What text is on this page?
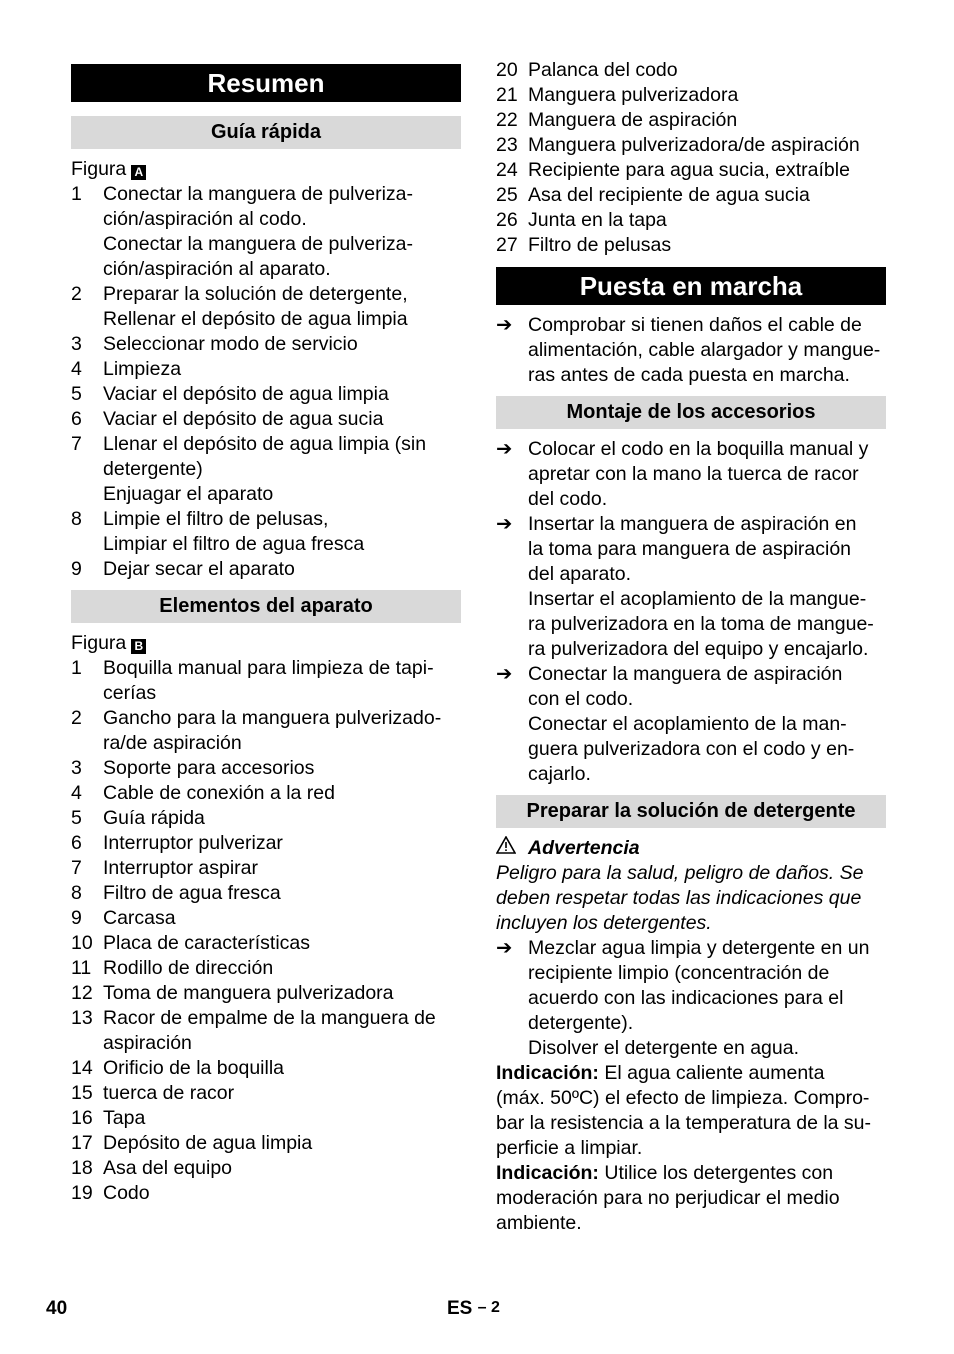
Resumen
Guía rápida
Figura A
1	Conectar la manguera de pulveriza-
ción/aspiración al codo.
Conectar la manguera de pulveriza-
ción/aspiración al aparato.
2	Preparar la solución de detergente,
Rellenar el depósito de agua limpia
3	Seleccionar modo de servicio
4	Limpieza
5	Vaciar el depósito de agua limpia
6	Vaciar el depósito de agua sucia
7	Llenar el depósito de agua limpia (sin
detergente)
Enjuagar el aparato
8	Limpie el filtro de pelusas,
Limpiar el filtro de agua fresca
9	Dejar secar el aparato
Elementos del aparato
Figura B
1	Boquilla manual para limpieza de tapi-
cerías
2	Gancho para la manguera pulverizado-
ra/de aspiración
3	Soporte para accesorios
4	Cable de conexión a la red
5	Guía rápida
6	Interruptor pulverizar
7	Interruptor aspirar
8	Filtro de agua fresca
9	Carcasa
10 Placa de características
11 Rodillo de dirección
12 Toma de manguera pulverizadora
13 Racor de empalme de la manguera de
aspiración
14 Orificio de la boquilla
15 tuerca de racor
16 Tapa
17 Depósito de agua limpia
18 Asa del equipo
19 Codo
20 Palanca del codo
21 Manguera pulverizadora
22 Manguera de aspiración
23 Manguera pulverizadora/de aspiración
24 Recipiente para agua sucia, extraíble
25 Asa del recipiente de agua sucia
26 Junta en la tapa
27 Filtro de pelusas
Puesta en marcha
➔ Comprobar si tienen daños el cable de
alimentación, cable alargador y mangue-
ras antes de cada puesta en marcha.
Montaje de los accesorios
➔ Colocar el codo en la boquilla manual y
apretar con la mano la tuerca de racor
del codo.
➔ Insertar la manguera de aspiración en
la toma para manguera de aspiración
del aparato.
Insertar el acoplamiento de la mangue-
ra pulverizadora en la toma de mangue-
ra pulverizadora del equipo y encajarlo.
➔ Conectar la manguera de aspiración
con el codo.
Conectar el acoplamiento de la man-
guera pulverizadora con el codo y en-
cajarlo.
Preparar la solución de detergente
Advertencia
Peligro para la salud, peligro de daños. Se
deben respetar todas las indicaciones que
incluyen los detergentes.
➔ Mezclar agua limpia y detergente en un
recipiente limpio (concentración de
acuerdo con las indicaciones para el
detergente).
Disolver el detergente en agua.
Indicación: El agua caliente aumenta
(máx. 50ºC) el efecto de limpieza. Compro-
bar la resistencia a la temperatura de la su-
perficie a limpiar.
Indicación: Utilice los detergentes con
moderación para no perjudicar el medio
ambiente.
40	ES – 2
